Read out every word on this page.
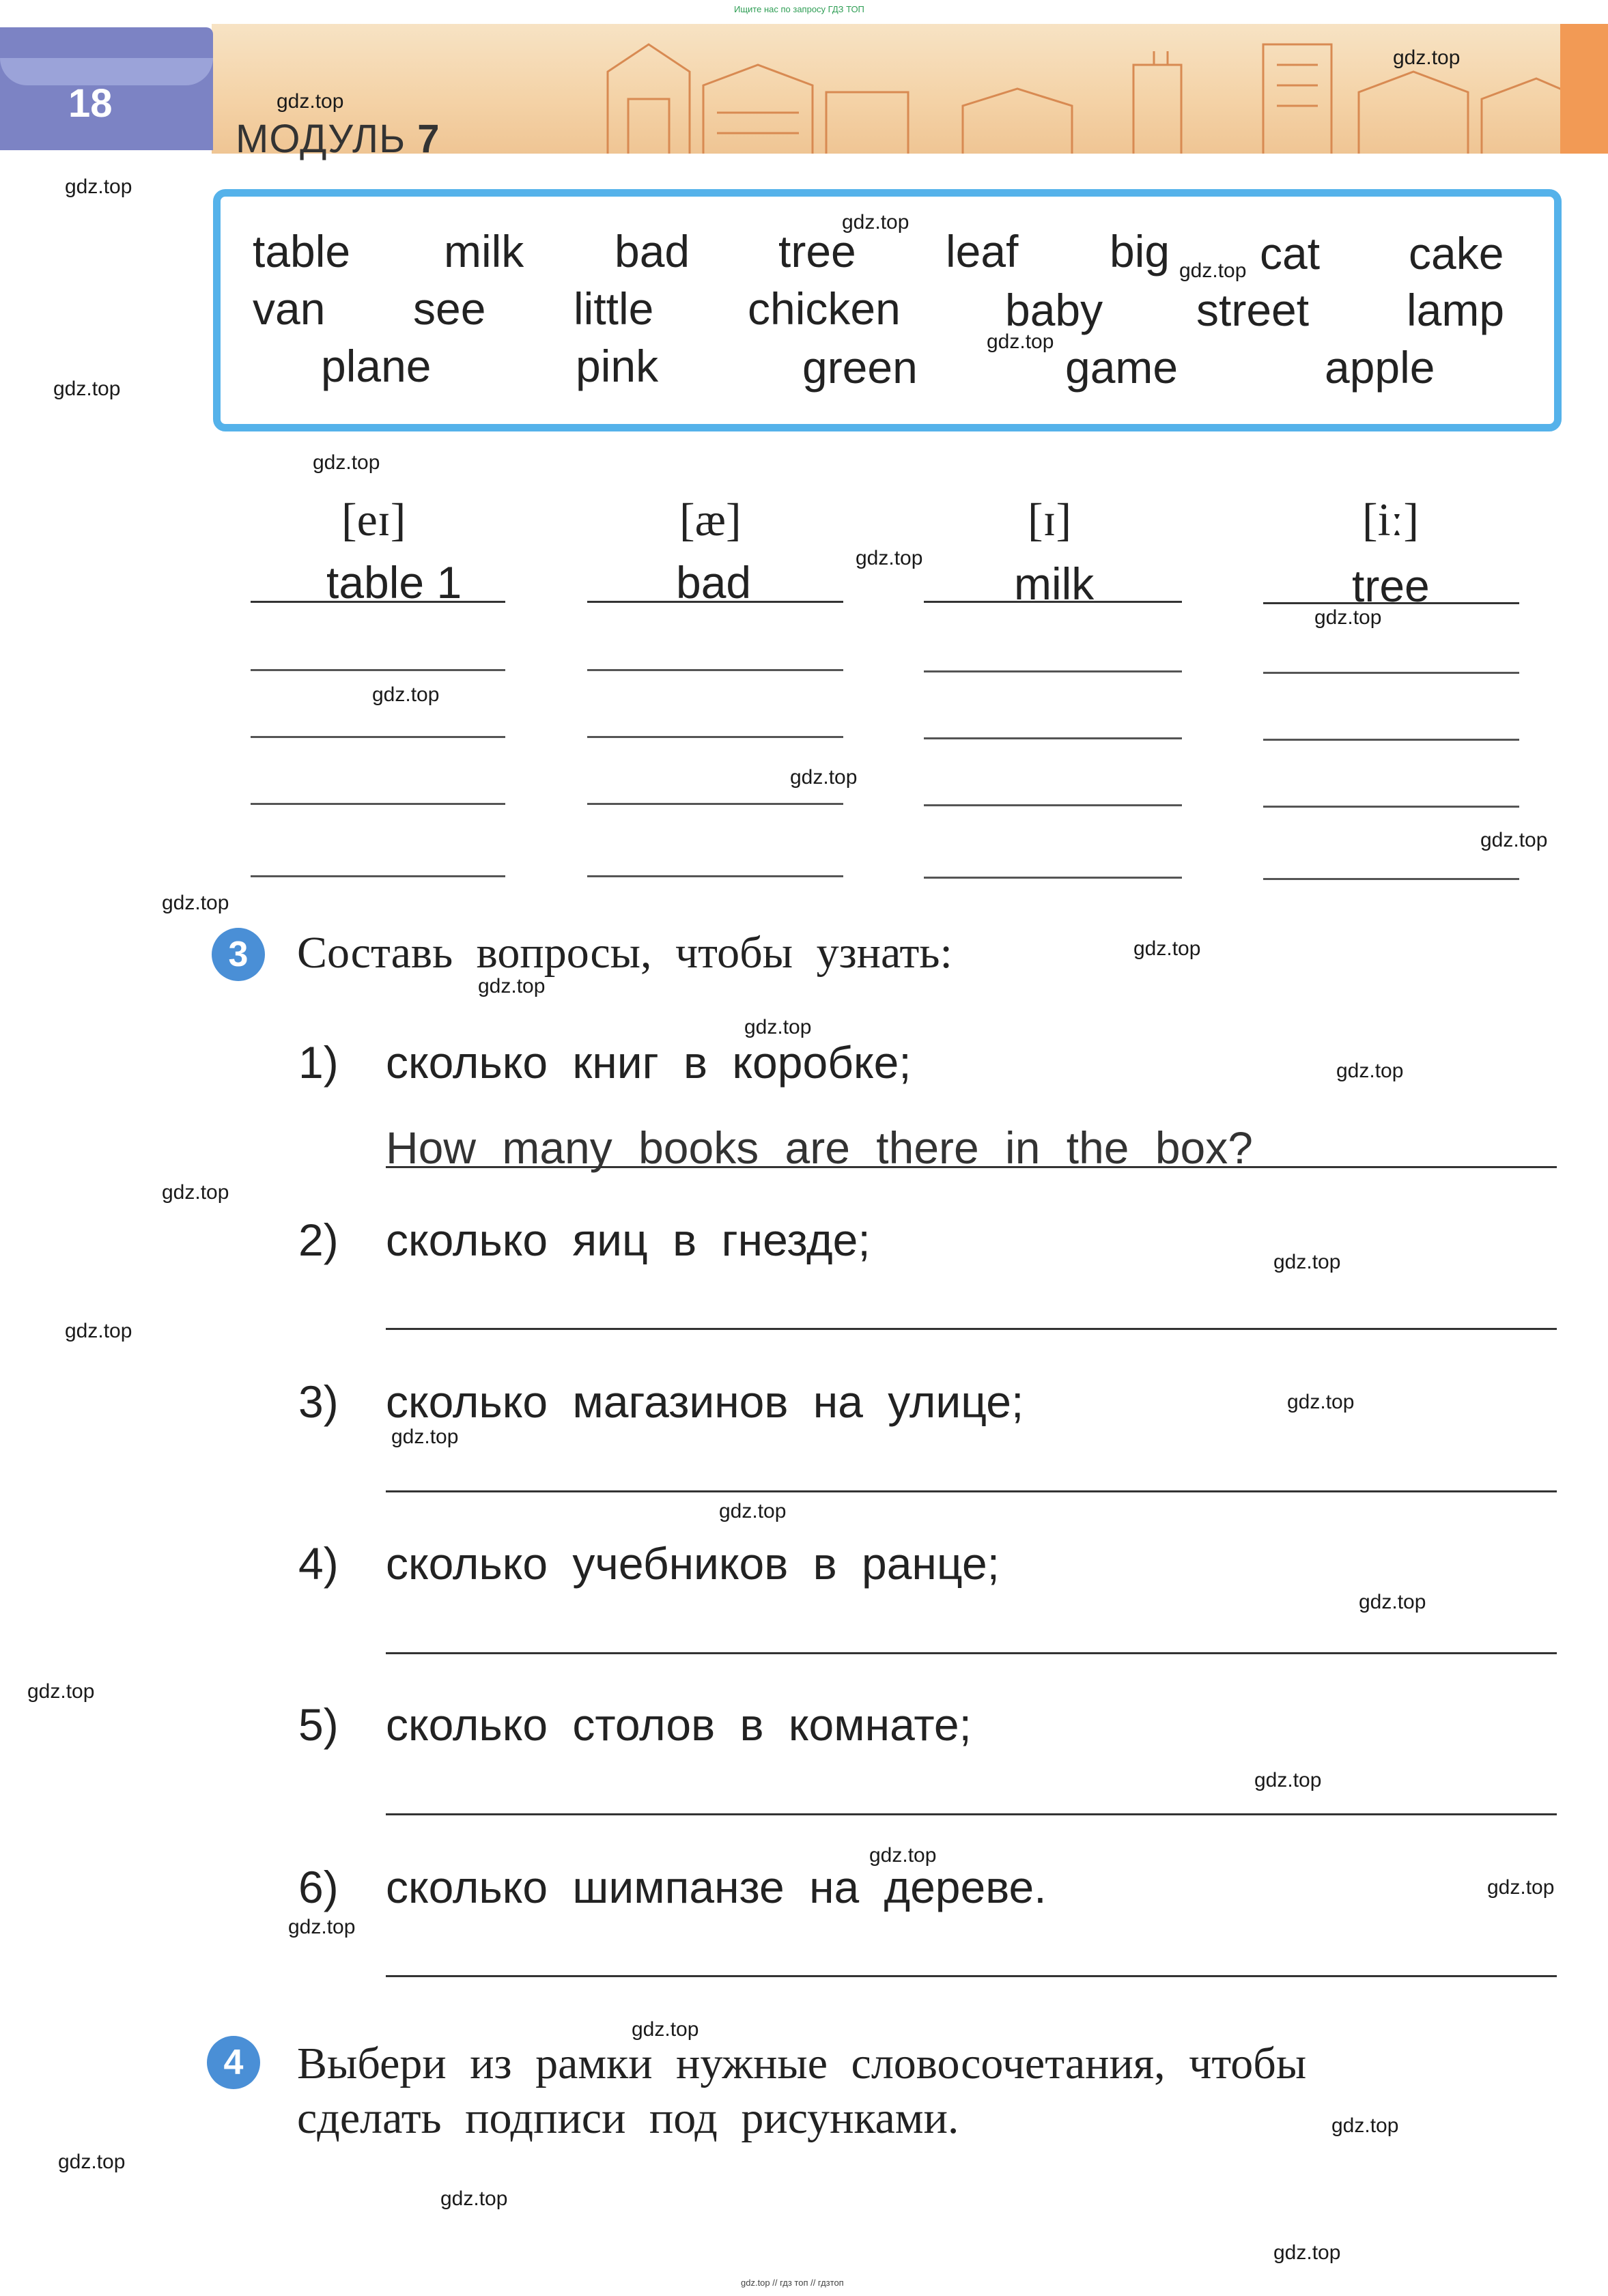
Ищите нас по запросу ГДЗ ТОП
gdz.top // гдз топ // гдзтоп
18
МОДУЛЬ 7
table milk bad tree leaf big cat cake
van see little chicken baby street lamp
plane	pink	green	game	apple
[eɪ]	[æ]	[ɪ]	[iː]
table 1	bad	milk	tree
3	Составь вопросы, чтобы узнать:
1) сколько книг в коробке;
How many books are there in the box?
2) сколько яиц в гнезде;
3) сколько магазинов на улице;
4) сколько учебников в ранце;
5) сколько столов в комнате;
6) сколько шимпанзе на дереве.
4	Выбери из рамки нужные словосочетания, чтобы
сделать подписи под рисунками.
gdz.top
gdz.top
gdz.top
gdz.top
gdz.top
gdz.top
gdz.top
gdz.top
gdz.top
gdz.top
gdz.top
gdz.top
gdz.top
gdz.top
gdz.top
gdz.top
gdz.top
gdz.top
gdz.top
gdz.top
gdz.top
gdz.top
gdz.top
gdz.top
gdz.top
gdz.top
gdz.top
gdz.top
gdz.top
gdz.top
gdz.top
gdz.top
gdz.top
gdz.top
gdz.top
